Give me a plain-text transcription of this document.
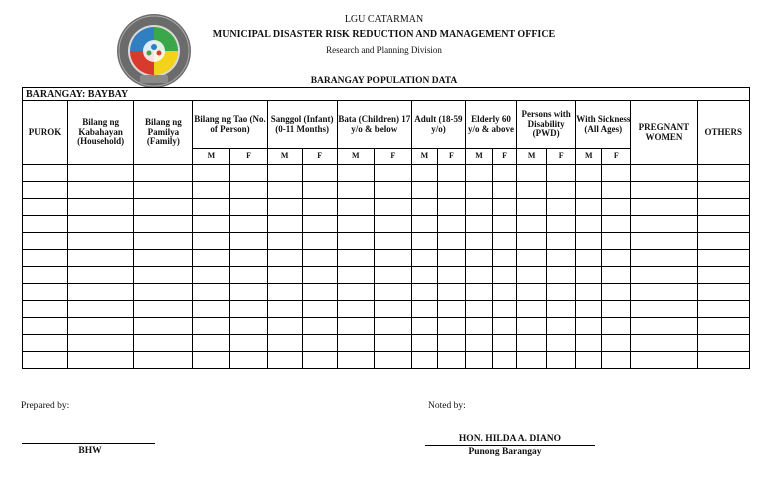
LGU CATARMAN
MUNICIPAL DISASTER RISK REDUCTION AND MANAGEMENT OFFICE
Research and Planning Division
BARANGAY POPULATION DATA
BARANGAY: BAYBAY																		
PUROK	Bilang ng Kabahayan (Household)	Bilang ng Pamilya (Family)	Bilang ng Tao (No. of Person)		Sanggol (Infant) (0-11 Months)		Bata (Children) 17 y/o & below		Adult (18-59 y/o)		Elderly 60 y/o & above		Persons with Disability (PWD)		With Sickness (All Ages)		PREGNANT WOMEN	OTHERS
			M	F	M	F	M	F	M	F	M	F	M	F	M	F		

Prepared by:	Noted by:
BHW
HON. HILDA A. DIANO
Punong Barangay
